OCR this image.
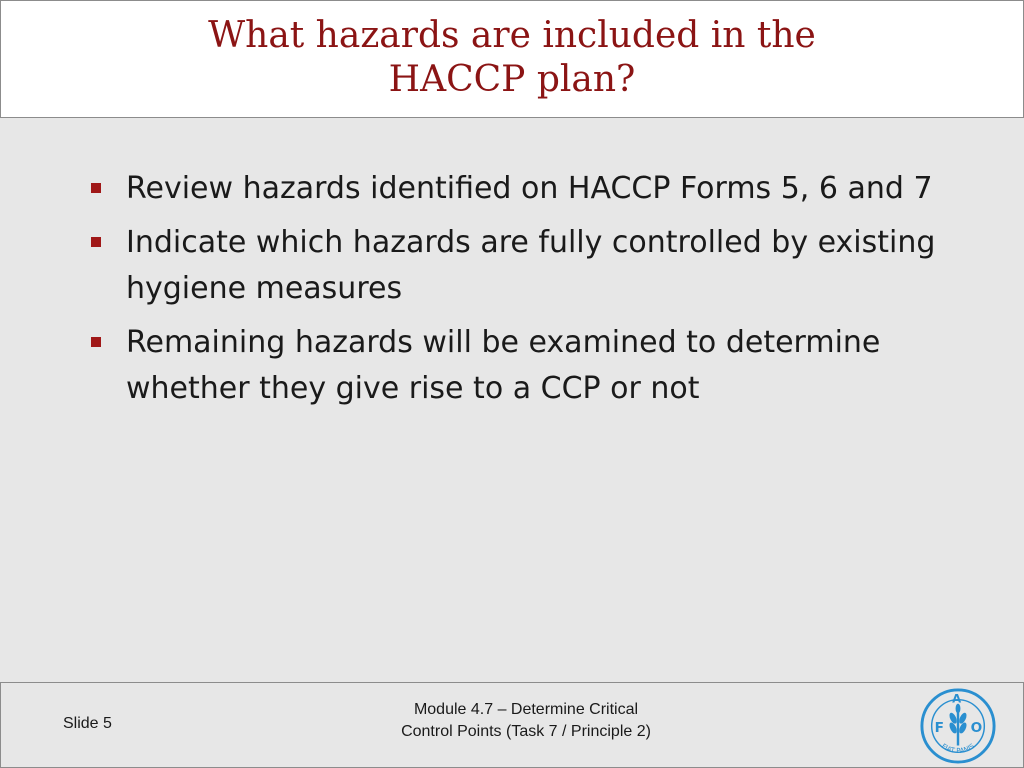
What hazards are included in the
HACCP plan?
Review hazards identified on HACCP Forms 5, 6 and 7
Indicate which hazards are fully controlled by existing hygiene measures
Remaining hazards will be examined to determine whether they give rise to a CCP or not
Slide 5
Module 4.7 – Determine Critical
Control Points (Task 7 / Principle 2)	F
A
O
FIAT PANIS
